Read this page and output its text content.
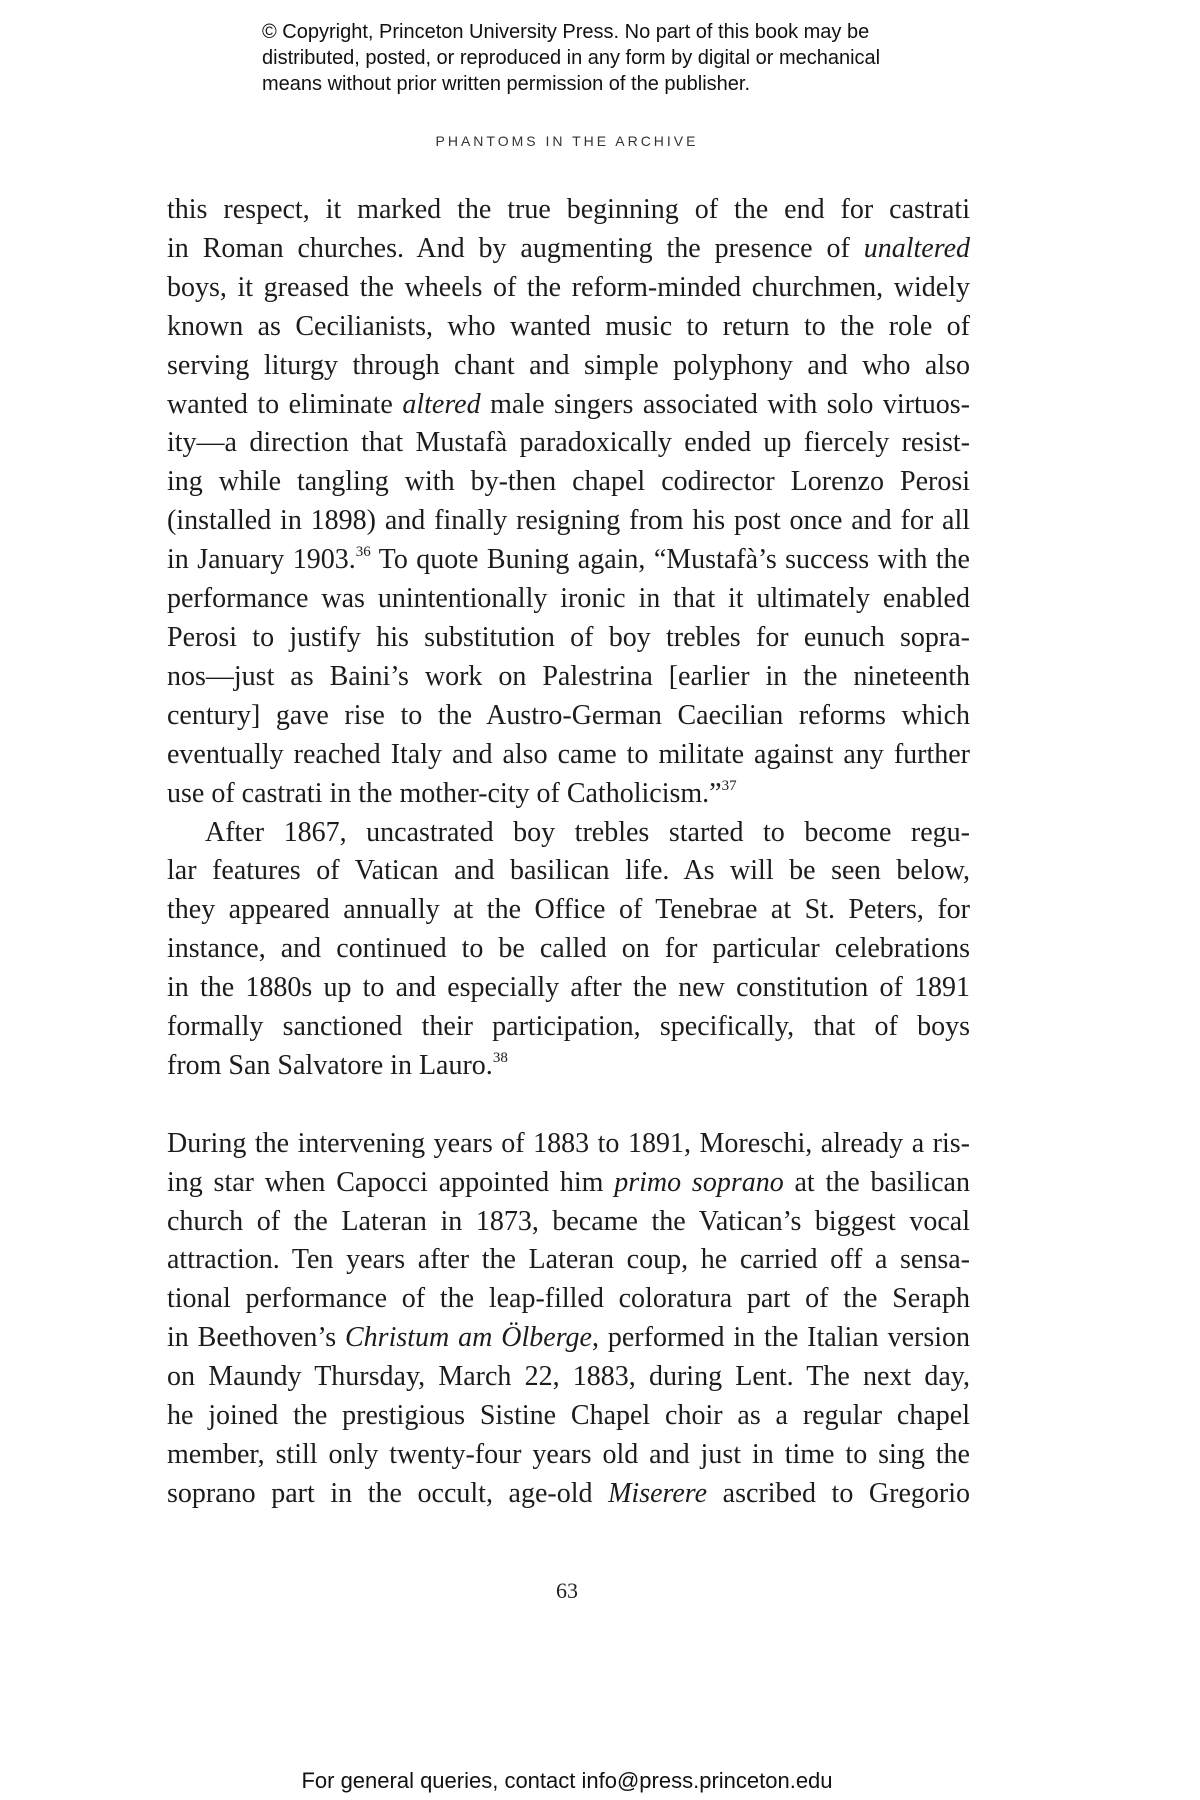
© Copyright, Princeton University Press. No part of this book may be
distributed, posted, or reproduced in any form by digital or mechanical
means without prior written permission of the publisher.
PHANTOMS IN THE ARCHIVE
this respect, it marked the true beginning of the end for castrati
in Roman churches. And by augmenting the presence of unaltered
boys, it greased the wheels of the reform-minded churchmen, widely
known as Cecilianists, who wanted music to return to the role of
serving liturgy through chant and simple polyphony and who also
wanted to eliminate altered male singers associated with solo virtuos-
ity—a direction that Mustafà paradoxically ended up fiercely resist-
ing while tangling with by-then chapel codirector Lorenzo Perosi
(installed in 1898) and finally resigning from his post once and for all
in January 1903.36 To quote Buning again, “Mustafà’s success with the
performance was unintentionally ironic in that it ultimately enabled
Perosi to justify his substitution of boy trebles for eunuch sopra-
nos—just as Baini’s work on Palestrina [earlier in the nineteenth
century] gave rise to the Austro-German Caecilian reforms which
eventually reached Italy and also came to militate against any further
use of castrati in the mother-city of Catholicism.”$^{37}$
After 1867, uncastrated boy trebles started to become regu-
lar features of Vatican and basilican life. As will be seen below,
they appeared annually at the Office of Tenebrae at St. Peters, for
instance, and continued to be called on for particular celebrations
in the 1880s up to and especially after the new constitution of 1891
formally sanctioned their participation, specifically, that of boys
from San Salvatore in Lauro.$^{38}$
During the intervening years of 1883 to 1891, Moreschi, already a ris-
ing star when Capocci appointed him primo soprano at the basilican
church of the Lateran in 1873, became the Vatican’s biggest vocal
attraction. Ten years after the Lateran coup, he carried off a sensa-
tional performance of the leap-filled coloratura part of the Seraph
in Beethoven’s Christum am Ölberge, performed in the Italian version
on Maundy Thursday, March 22, 1883, during Lent. The next day,
he joined the prestigious Sistine Chapel choir as a regular chapel
member, still only twenty-four years old and just in time to sing the
soprano part in the occult, age-old Miserere ascribed to Gregorio
63
For general queries, contact info@press.princeton.edu
